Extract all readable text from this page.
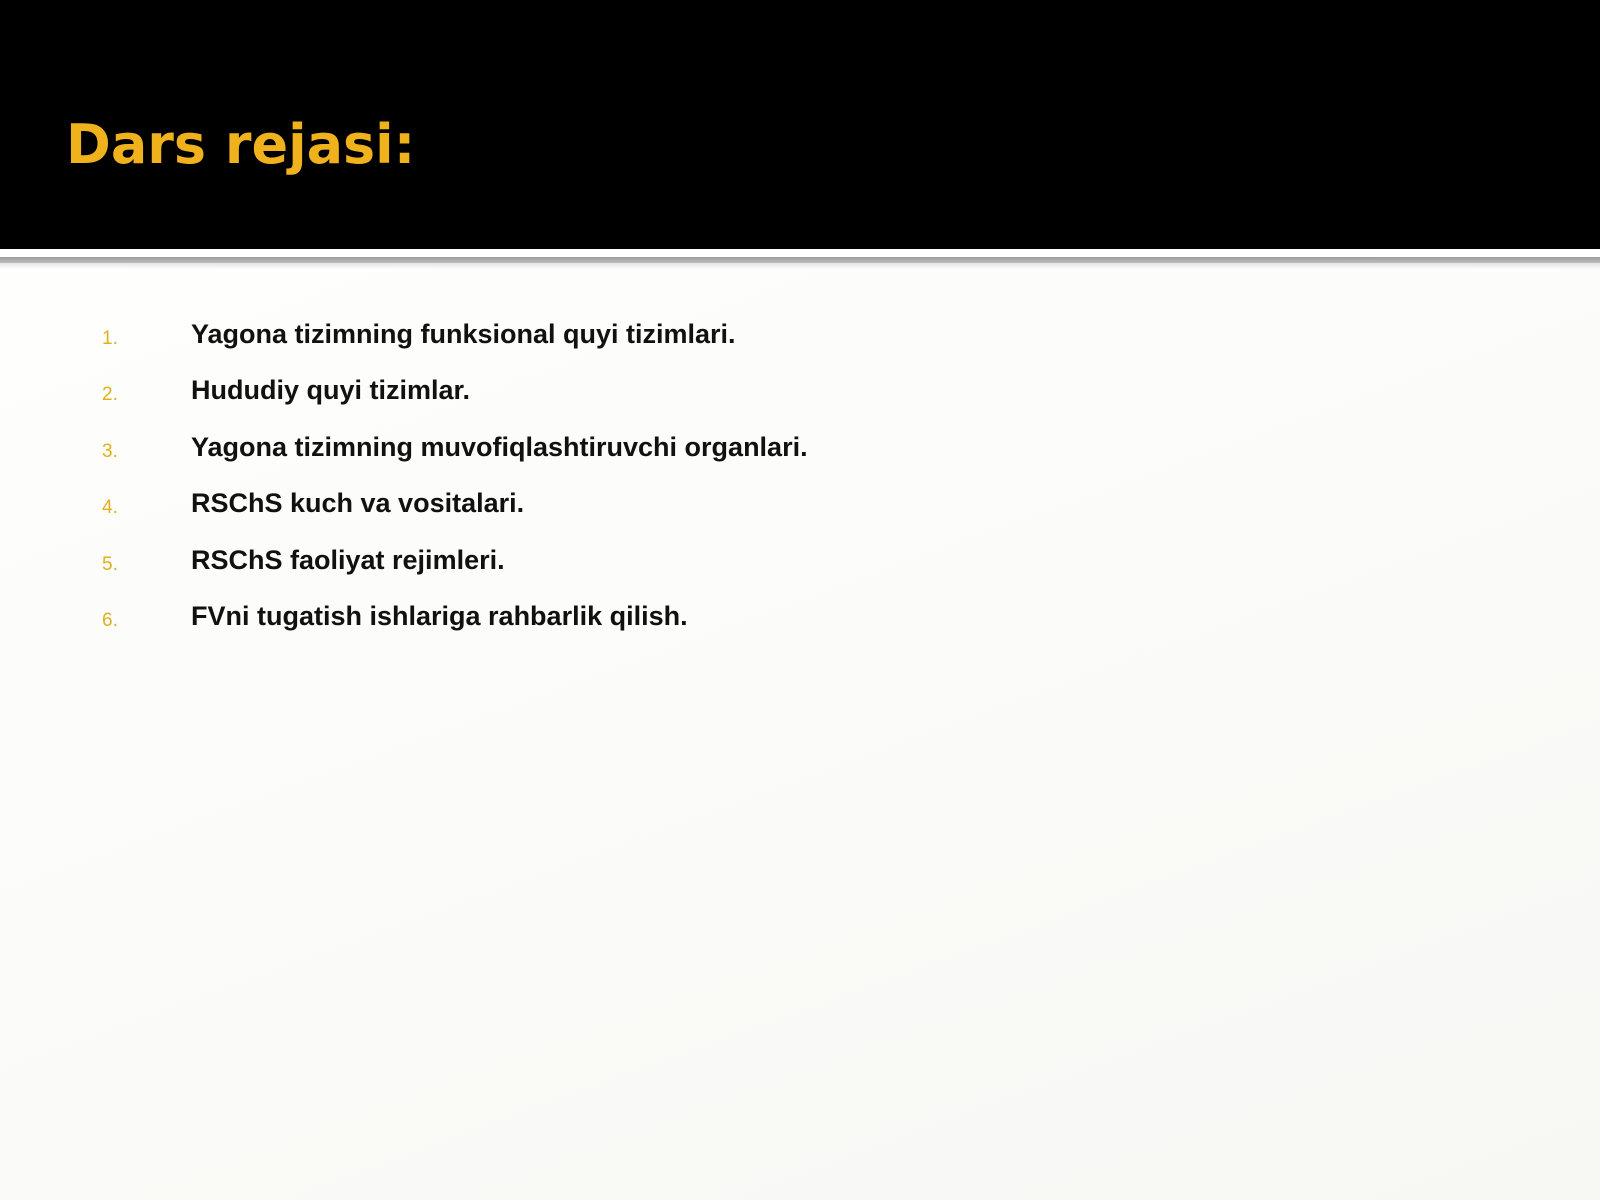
Dars rejasi:
1.	Yagona tizimning funksional quyi tizimlari.
2.	Hududiy quyi tizimlar.
3.	Yagona tizimning muvofiqlashtiruvchi organlari.
4.	RSChS kuch va vositalari.
5.	RSChS faoliyat rejimleri.
6.	FVni tugatish ishlariga rahbarlik qilish.
